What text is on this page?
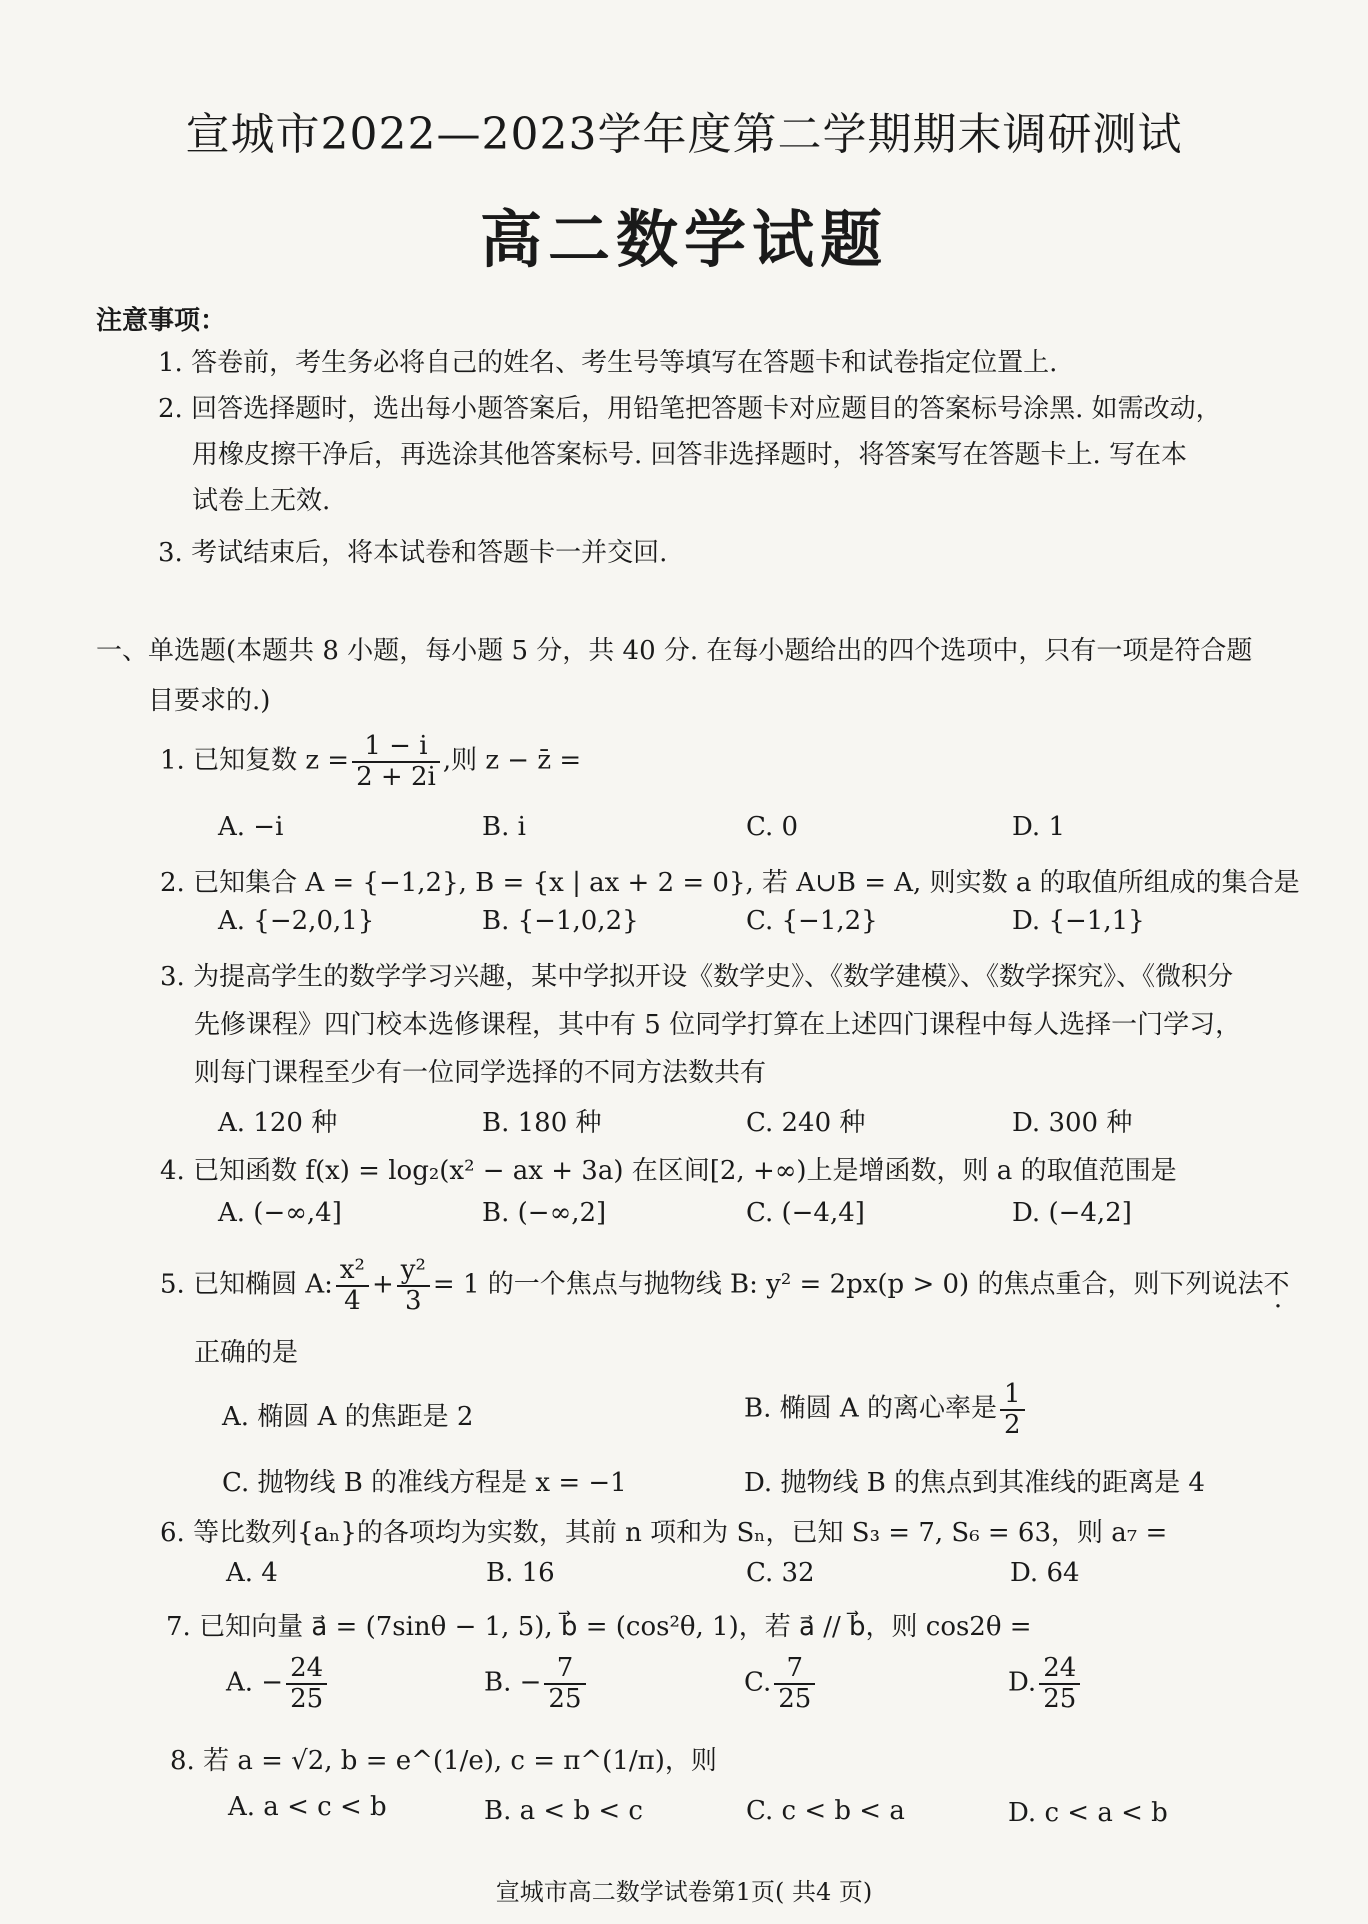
宣城市2022—2023学年度第二学期期末调研测试
高二数学试题
注意事项：
1. 答卷前，考生务必将自己的姓名、考生号等填写在答题卡和试卷指定位置上.
2. 回答选择题时，选出每小题答案后，用铅笔把答题卡对应题目的答案标号涂黑. 如需改动，
用橡皮擦干净后，再选涂其他答案标号. 回答非选择题时，将答案写在答题卡上. 写在本
试卷上无效.
3. 考试结束后，将本试卷和答题卡一并交回.
一、单选题(本题共 8 小题，每小题 5 分，共 40 分. 在每小题给出的四个选项中，只有一项是符合题
目要求的.)
1. 已知复数 $z = \frac{1 - i}{2 + 2i}$ ,则 z − z̄ =
A. −i	B. i	C. 0	D. 1
2. 已知集合 A = {−1,2}, B = {x | ax + 2 = 0}, 若 A∪B = A, 则实数 a 的取值所组成的集合是
A. {−2,0,1}	B. {−1,0,2}	C. {−1,2}	D. {−1,1}
3. 为提高学生的数学学习兴趣，某中学拟开设《数学史》、《数学建模》、《数学探究》、《微积分
先修课程》四门校本选修课程，其中有 5 位同学打算在上述四门课程中每人选择一门学习，
则每门课程至少有一位同学选择的不同方法数共有
A. 120 种	B. 180 种	C. 240 种	D. 300 种
4. 已知函数 f(x) = log₂(x² − ax + 3a) 在区间[2, +∞)上是增函数，则 a 的取值范围是
A. (−∞,4]	B. (−∞,2]	C. (−4,4]	D. (−4,2]
5. 已知椭圆 A: $\frac{\text{x²}}{4} + \frac{\text{y²}}{3} = 1$ 的一个焦点与抛物线 B: y² = 2px(p > 0) 的焦点重合，则下列说法不
正确的是
A. 椭圆 A 的焦距是 2	B. 椭圆 A 的离心率是 $\frac{1}{2}$
C. 抛物线 B 的准线方程是 x = −1	D. 抛物线 B 的焦点到其准线的距离是 4
6. 等比数列{aₙ}的各项均为实数，其前 n 项和为 Sₙ，已知 S₃ = 7, S₆ = 63，则 a₇ =
A. 4	B. 16	C. 32	D. 64
7. 已知向量 a⃗ = (7sinθ − 1, 5), b⃗ = (cos²θ, 1)，若 a⃗ // b⃗，则 cos2θ =
A. − $\frac{24}{25}$	B. − $\frac{7}{25}$	C. $\frac{7}{25}$	D. $\frac{24}{25}$
8. 若 a = √2, b = e^(1/e), c = π^(1/π)，则
A. a < c < b	B. a < b < c	C. c < b < a	D. c < a < b
宣城市高二数学试卷第1页( 共4 页)
